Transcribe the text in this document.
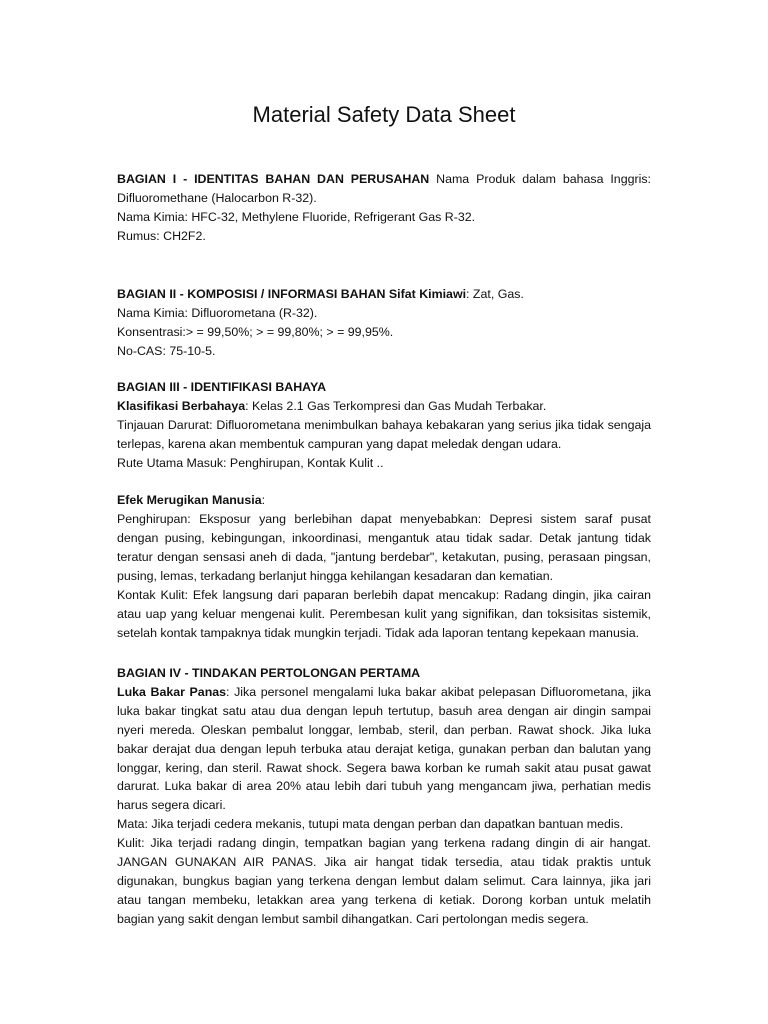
Material Safety Data Sheet

BAGIAN I - IDENTITAS BAHAN DAN PERUSAHAN Nama Produk dalam bahasa Inggris: Difluoromethane (Halocarbon R-32).

Nama Kimia: HFC-32, Methylene Fluoride, Refrigerant Gas R-32.

Rumus: CH2F2.

BAGIAN II - KOMPOSISI / INFORMASI BAHAN Sifat Kimiawi: Zat, Gas.

Nama Kimia: Difluorometana (R-32).

Konsentrasi:> = 99,50%; > = 99,80%; > = 99,95%.

No-CAS: 75-10-5.

BAGIAN III - IDENTIFIKASI BAHAYA

Klasifikasi Berbahaya: Kelas 2.1 Gas Terkompresi dan Gas Mudah Terbakar.

Tinjauan Darurat: Difluorometana menimbulkan bahaya kebakaran yang serius jika tidak sengaja terlepas, karena akan membentuk campuran yang dapat meledak dengan udara.

Rute Utama Masuk: Penghirupan, Kontak Kulit ..

Efek Merugikan Manusia:

Penghirupan: Eksposur yang berlebihan dapat menyebabkan: Depresi sistem saraf pusat dengan pusing, kebingungan, inkoordinasi, mengantuk atau tidak sadar. Detak jantung tidak teratur dengan sensasi aneh di dada, "jantung berdebar", ketakutan, pusing, perasaan pingsan, pusing, lemas, terkadang berlanjut hingga kehilangan kesadaran dan kematian.

Kontak Kulit: Efek langsung dari paparan berlebih dapat mencakup: Radang dingin, jika cairan atau uap yang keluar mengenai kulit. Perembesan kulit yang signifikan, dan toksisitas sistemik, setelah kontak tampaknya tidak mungkin terjadi. Tidak ada laporan tentang kepekaan manusia.

BAGIAN IV - TINDAKAN PERTOLONGAN PERTAMA

Luka Bakar Panas: Jika personel mengalami luka bakar akibat pelepasan Difluorometana, jika luka bakar tingkat satu atau dua dengan lepuh tertutup, basuh area dengan air dingin sampai nyeri mereda. Oleskan pembalut longgar, lembab, steril, dan perban. Rawat shock. Jika luka bakar derajat dua dengan lepuh terbuka atau derajat ketiga, gunakan perban dan balutan yang longgar, kering, dan steril. Rawat shock. Segera bawa korban ke rumah sakit atau pusat gawat darurat. Luka bakar di area 20% atau lebih dari tubuh yang mengancam jiwa, perhatian medis harus segera dicari.

Mata: Jika terjadi cedera mekanis, tutupi mata dengan perban dan dapatkan bantuan medis.

Kulit: Jika terjadi radang dingin, tempatkan bagian yang terkena radang dingin di air hangat. JANGAN GUNAKAN AIR PANAS. Jika air hangat tidak tersedia, atau tidak praktis untuk digunakan, bungkus bagian yang terkena dengan lembut dalam selimut. Cara lainnya, jika jari atau tangan membeku, letakkan area yang terkena di ketiak. Dorong korban untuk melatih bagian yang sakit dengan lembut sambil dihangatkan. Cari pertolongan medis segera.
